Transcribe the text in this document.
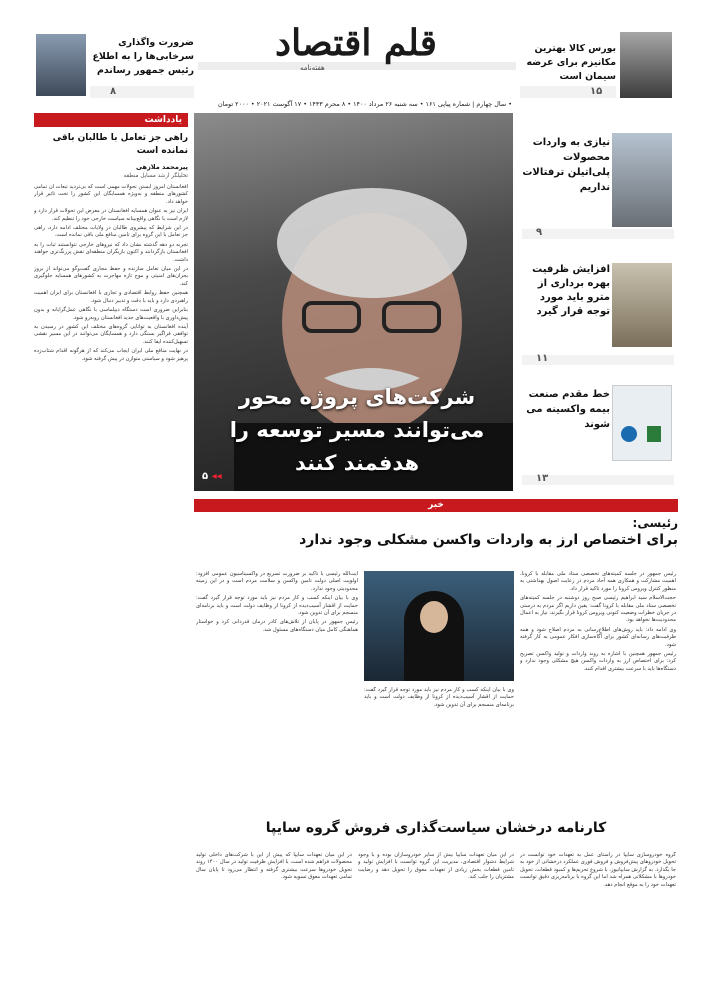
ضرورت واگذاری سرخابی‌ها را به اطلاع رئیس جمهور رساندم
۸
قلم اقتصاد
هفته‌نامه
بورس کالا بهترین مکانیزم برای عرضه سیمان است
۱۵
• سال چهارم | شماره پیاپی ۱۶۱ • سه شنبه ۲۶ مرداد ۱۴۰۰ • ۸ محرم ۱۴۴۳ • ۱۷ آگوست ۲۰۲۱ • ۲۰۰۰ تومان
یادداشت
راهی جز تعامل با طالبان باقی نمانده است
پیرمحمد ملازهی
تحلیلگر ارشد مسایل منطقه

افغانستان امروز آبستن تحولات مهمی است که بی‌تردید تبعات آن تمامی کشورهای منطقه و به‌ویژه همسایگان این کشور را تحت تاثیر قرار خواهد داد.

ایران نیز به عنوان همسایه افغانستان در معرض این تحولات قرار دارد و لازم است با نگاهی واقع‌بینانه سیاست خارجی خود را تنظیم کند.

در این شرایط که پیشروی طالبان در ولایات مختلف ادامه دارد، راهی جز تعامل با این گروه برای تامین منافع ملی باقی نمانده است.

تجربه دو دهه گذشته نشان داد که نیروهای خارجی نتوانستند ثبات را به افغانستان بازگردانند و اکنون بازیگران منطقه‌ای نقش پررنگ‌تری خواهند داشت.

در این میان تعامل سازنده و حفظ مجاری گفت‌وگو می‌تواند از بروز بحران‌های امنیتی و موج تازه مهاجرت به کشورهای همسایه جلوگیری کند.

همچنین حفظ روابط اقتصادی و تجاری با افغانستان برای ایران اهمیت راهبردی دارد و باید با دقت و تدبیر دنبال شود.

بنابراین ضروری است دستگاه دیپلماسی با نگاهی عمل‌گرایانه و بدون پیش‌داوری با واقعیت‌های جدید افغانستان روبه‌رو شود.

آینده افغانستان به توانایی گروه‌های مختلف این کشور در رسیدن به توافقی فراگیر بستگی دارد و همسایگان می‌توانند در این مسیر نقشی تسهیل‌کننده ایفا کنند.

در نهایت منافع ملی ایران ایجاب می‌کند که از هرگونه اقدام شتاب‌زده پرهیز شود و سیاستی متوازن در پیش گرفته شود.

شرکت‌های پروژه محور می‌توانند مسیر توسعه را هدفمند کنند
۵ ◂◂
نیازی به واردات محصولات پلی‌اتیلن ترفتالات نداریم
۹
افزایش ظرفیت بهره برداری از مترو باید مورد توجه قرار گیرد
۱۱
خط مقدم صنعت بیمه واکسینه می شوند
۱۳
خبر
رئیسی:
برای اختصاص ارز به واردات واکسن مشکلی وجود ندارد

رئیس جمهور در جلسه کمیته‌های تخصصی ستاد ملی مقابله با کرونا، اهمیت مشارکت و همکاری همه آحاد مردم در رعایت اصول بهداشتی به منظور کنترل ویروس کرونا را مورد تاکید قرار داد.

حجت‌الاسلام سید ابراهیم رئیسی صبح روز دوشنبه در جلسه کمیته‌های تخصصی ستاد ملی مقابله با کرونا گفت: یقین داریم اگر مردم به درستی در جریان خطرات وضعیت کنونی ویروس کرونا قرار بگیرند، نیاز به اعمال محدودیت‌ها نخواهد بود.

وی ادامه داد: باید روش‌های اطلاع‌رسانی به مردم اصلاح شود و همه ظرفیت‌های رسانه‌ای کشور برای آگاه‌سازی افکار عمومی به کار گرفته شود.

رئیس جمهور همچنین با اشاره به روند واردات و تولید واکسن تصریح کرد: برای اختصاص ارز به واردات واکسن هیچ مشکلی وجود ندارد و دستگاه‌ها باید با سرعت بیشتری اقدام کنند.

آیت‌الله رئیسی با تاکید بر ضرورت تسریع در واکسیناسیون عمومی افزود: اولویت اصلی دولت تامین واکسن و سلامت مردم است و در این زمینه محدودیتی وجود ندارد.

وی با بیان اینکه کسب و کار مردم نیز باید مورد توجه قرار گیرد گفت: حمایت از اقشار آسیب‌دیده از کرونا از وظایف دولت است و باید برنامه‌ای منسجم برای آن تدوین شود.

رئیس جمهور در پایان از تلاش‌های کادر درمان قدردانی کرد و خواستار هماهنگی کامل میان دستگاه‌های مسئول شد.

وی با بیان اینکه کسب و کار مردم نیز باید مورد توجه قرار گیرد گفت: حمایت از اقشار آسیب‌دیده از کرونا از وظایف دولت است و باید برنامه‌ای منسجم برای آن تدوین شود.

کارنامه درخشان سیاست‌گذاری فروش گروه سایپا
گروه خودروسازی سایپا در راستای عمل به تعهدات خود توانست در تحویل خودروهای پیش‌فروش و فروش فوری عملکرد درخشانی از خود به جا بگذارد. به گزارش سایپانیوز، با شروع تحریم‌ها و کمبود قطعات، تحویل خودروها با مشکلاتی همراه شد اما این گروه با برنامه‌ریزی دقیق توانست تعهدات خود را به موقع انجام دهد.
در این میان تعهدات سایپا بیش از سایر خودروسازان بوده و با وجود شرایط دشوار اقتصادی، مدیریت این گروه توانست با افزایش تولید و تامین قطعات بخش زیادی از تعهدات معوق را تحویل دهد و رضایت مشتریان را جلب کند.
در این میان تعهدات سایپا که پیش از این با شرکت‌های داخلی تولید محصولات فراهم شده است، با افزایش ظرفیت تولید در سال ۱۴۰۰ روند تحویل خودروها سرعت بیشتری گرفته و انتظار می‌رود تا پایان سال تمامی تعهدات معوق تسویه شود.
